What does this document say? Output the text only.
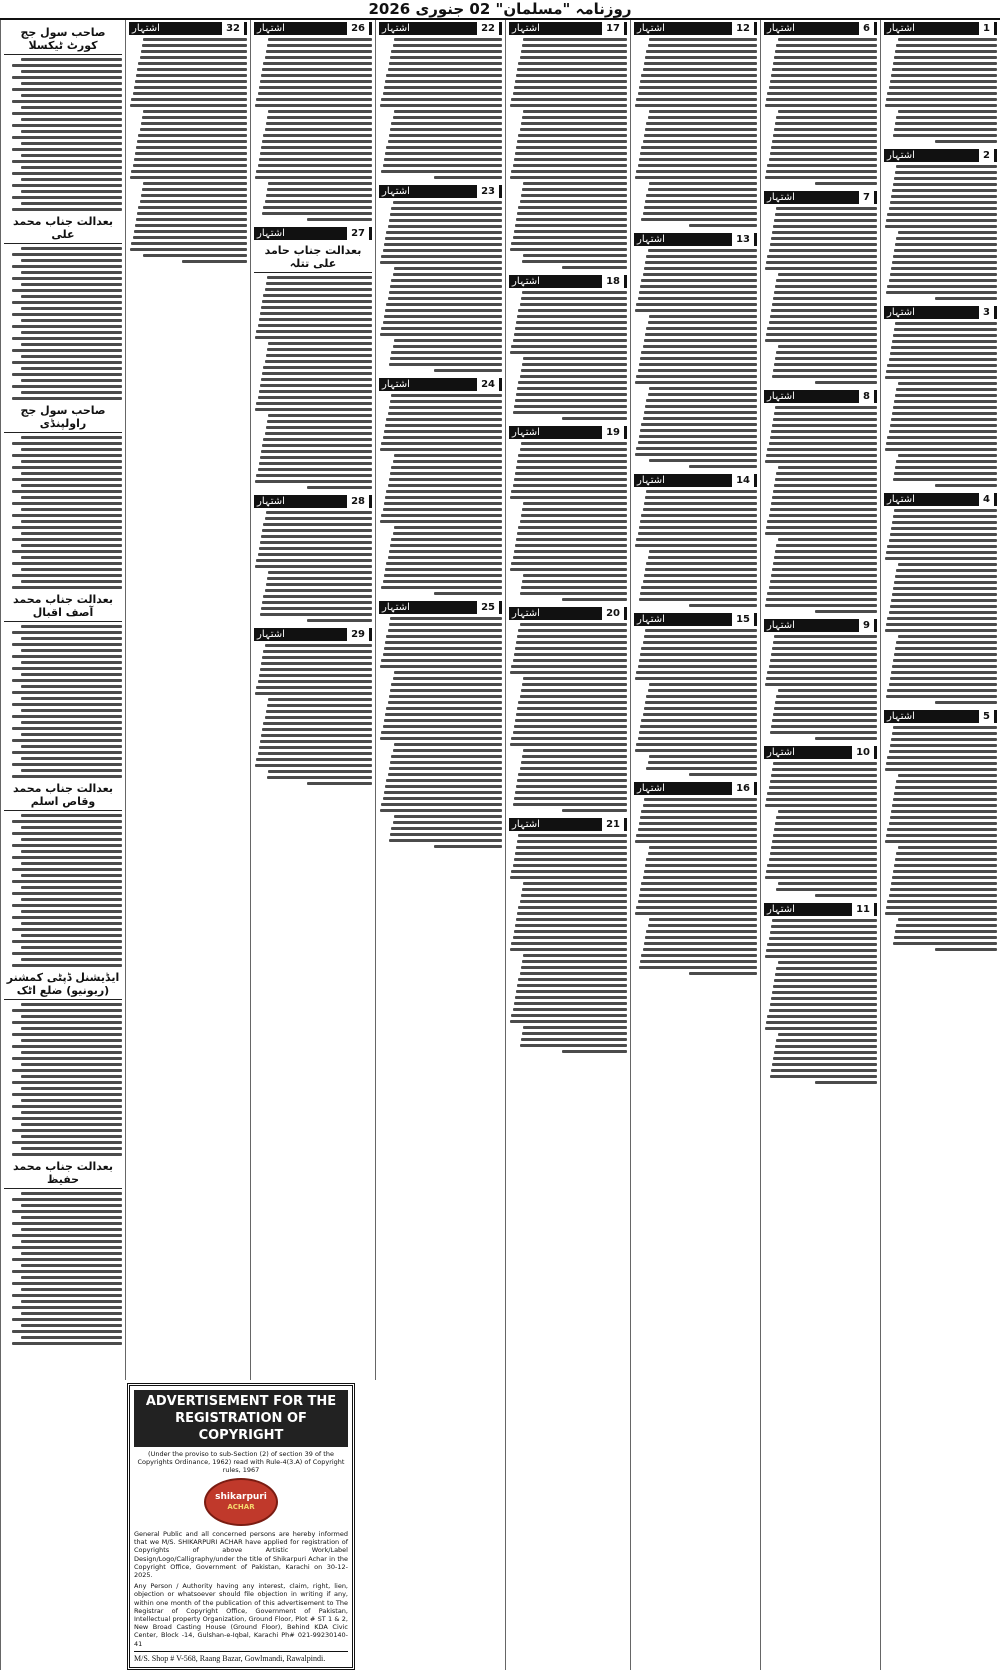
روزنامہ "مسلمان" 02 جنوری 2026
1
اشتہار
2
اشتہار
3
اشتہار
4
اشتہار
5
اشتہار
6
اشتہار
7
اشتہار
8
اشتہار
9
اشتہار
10
اشتہار
11
اشتہار
12
اشتہار
13
اشتہار
14
اشتہار
15
اشتہار
16
اشتہار
17
اشتہار
18
اشتہار
19
اشتہار
20
اشتہار
21
اشتہار
22
اشتہار
23
اشتہار
24
اشتہار
25
اشتہار
26
اشتہار
27
اشتہار
بعدالت جناب حامد علی تتلہ
28
اشتہار
29
اشتہار
32
اشتہار
صاحب سول جج کورٹ ٹیکسلا
بعدالت جناب محمد علی
صاحب سول جج راولپنڈی
بعدالت جناب محمد آصف اقبال
بعدالت جناب محمد وقاص اسلم
ایڈیشنل ڈپٹی کمشنر (ریونیو) ضلع اٹک
بعدالت جناب محمد حفیظ
ADVERTISEMENT FOR THE REGISTRATION OF COPYRIGHT
(Under the proviso to sub-Section (2) of section 39 of the Copyrights Ordinance, 1962) read with Rule-4(3.A) of Copyright rules, 1967
shikarpuri
ACHAR
General Public and all concerned persons are hereby informed that we M/S. SHIKARPURI ACHAR have applied for registration of Copyrights of above Artistic Work/Label Design/Logo/Calligraphy/under the title of Shikarpuri Achar in the Copyright Office, Government of Pakistan, Karachi on 30-12-2025.
Any Person / Authority having any interest, claim, right, lien, objection or whatsoever should file objection in writing if any, within one month of the publication of this advertisement to The Registrar of Copyright Office, Government of Pakistan, Intellectual property Organization, Ground Floor, Plot # ST 1 & 2, New Broad Casting House (Ground Floor), Behind KDA Civic Center, Block -14, Gulshan-e-Iqbal, Karachi Ph# 021-99230140-41
M/S. Shop # V-568, Raang Bazar, Gowlmandi, Rawalpindi.
